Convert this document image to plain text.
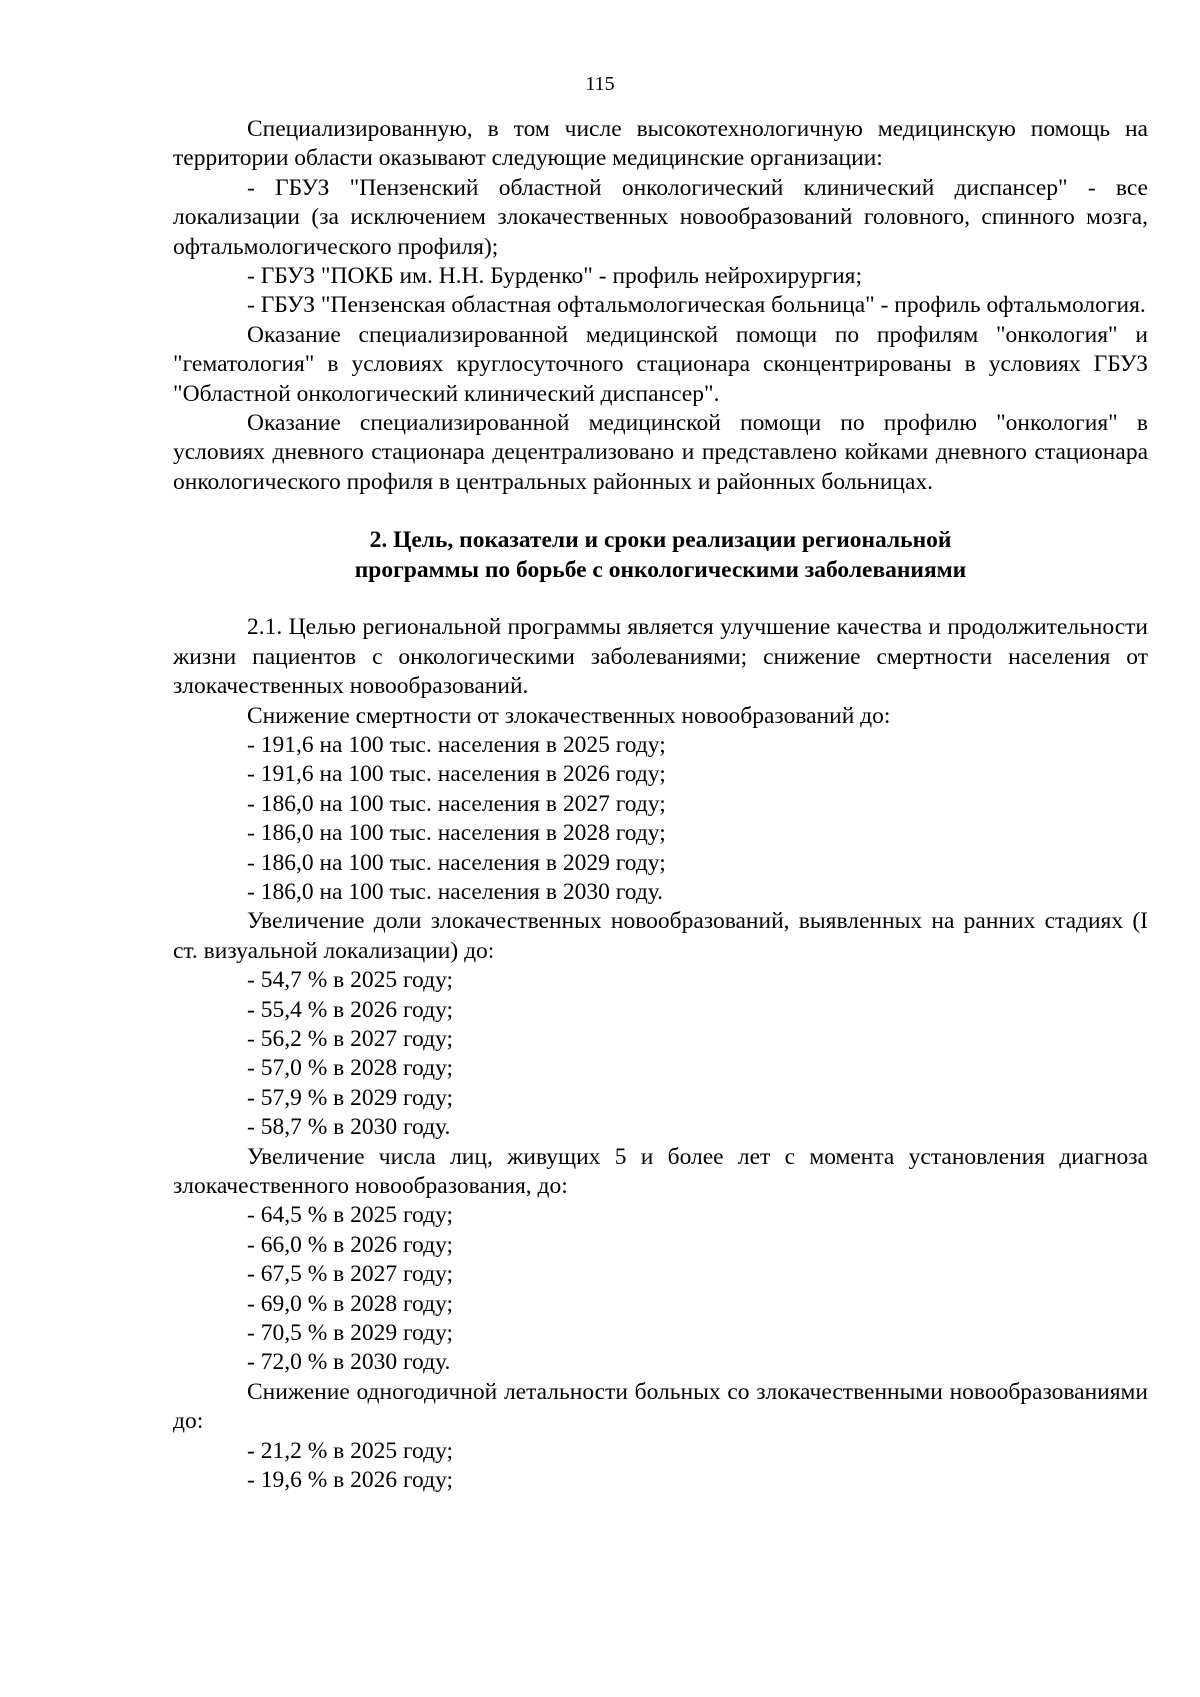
115

Специализированную, в том числе высокотехнологичную медицинскую помощь на территории области оказывают следующие медицинские организации:

- ГБУЗ "Пензенский областной онкологический клинический диспансер" - все локализации (за исключением злокачественных новообразований головного, спинного мозга, офтальмологического профиля);

- ГБУЗ "ПОКБ им. Н.Н. Бурденко" - профиль нейрохирургия;

- ГБУЗ "Пензенская областная офтальмологическая больница" - профиль офтальмология.

Оказание специализированной медицинской помощи по профилям "онкология" и "гематология" в условиях круглосуточного стационара сконцентрированы в условиях ГБУЗ "Областной онкологический клинический диспансер".

Оказание специализированной медицинской помощи по профилю "онкология" в условиях дневного стационара децентрализовано и представлено койками дневного стационара онкологического профиля в центральных районных и районных больницах.

2. Цель, показатели и сроки реализации региональной
программы по борьбе с онкологическими заболеваниями

2.1. Целью региональной программы является улучшение качества и продолжительности жизни пациентов с онкологическими заболеваниями; снижение смертности населения от злокачественных новообразований.

Снижение смертности от злокачественных новообразований до:

- 191,6 на 100 тыс. населения в 2025 году;

- 191,6 на 100 тыс. населения в 2026 году;

- 186,0 на 100 тыс. населения в 2027 году;

- 186,0 на 100 тыс. населения в 2028 году;

- 186,0 на 100 тыс. населения в 2029 году;

- 186,0 на 100 тыс. населения в 2030 году.

Увеличение доли злокачественных новообразований, выявленных на ранних стадиях (I ст. визуальной локализации) до:

- 54,7 % в 2025 году;

- 55,4 % в 2026 году;

- 56,2 % в 2027 году;

- 57,0 % в 2028 году;

- 57,9 % в 2029 году;

- 58,7 % в 2030 году.

Увеличение числа лиц, живущих 5 и более лет с момента установления диагноза злокачественного новообразования, до:

- 64,5 % в 2025 году;

- 66,0 % в 2026 году;

- 67,5 % в 2027 году;

- 69,0 % в 2028 году;

- 70,5 % в 2029 году;

- 72,0 % в 2030 году.

Снижение одногодичной летальности больных со злокачественными новообразованиями до:

- 21,2 % в 2025 году;

- 19,6 % в 2026 году;
